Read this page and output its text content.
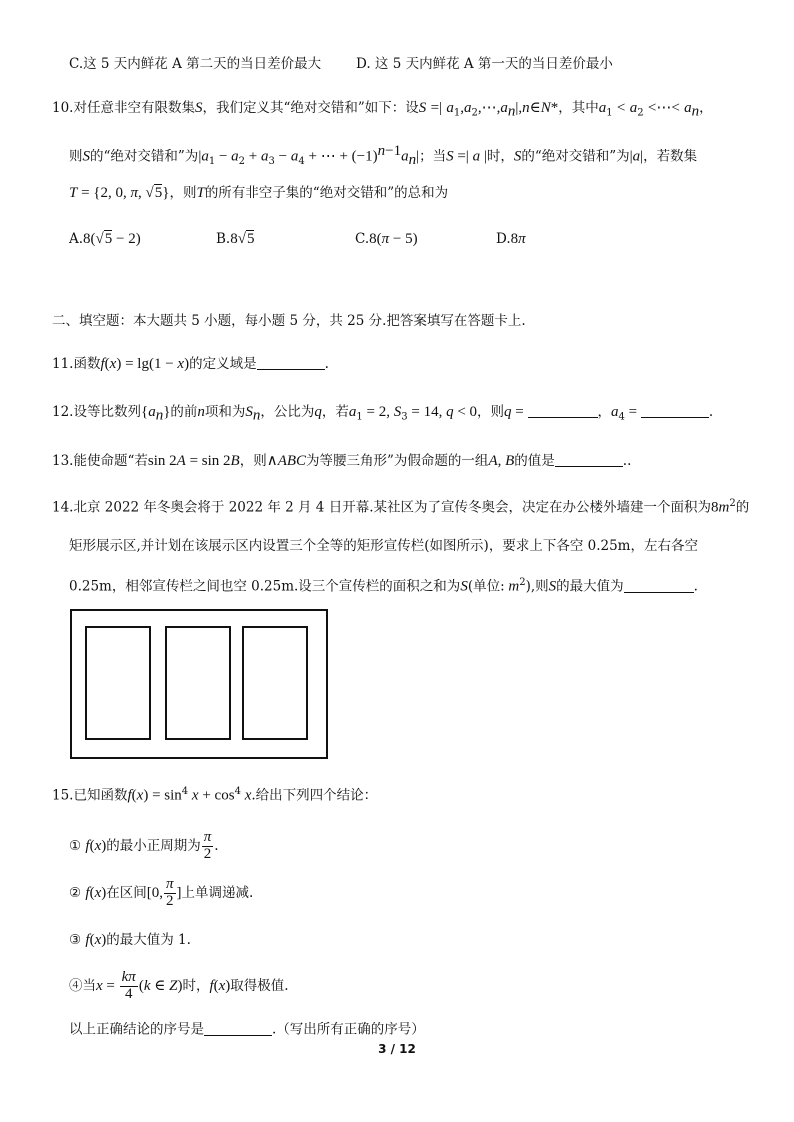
C.这 5 天内鲜花 A 第二天的当日差价最大	D. 这 5 天内鲜花 A 第一天的当日差价最小
10.对任意非空有限数集S，我们定义其“绝对交错和”如下：设S =| $a_1,a_2,\cdots,a_n|,n\in N*$，其中$a_1 < a_2$ <⋯< $a_n$，
则S的“绝对交错和”为$|a_1 - a_2 + a_3 - a_4$ + ⋯ + $(-1)^{n-1}a_n|$；当S =| a |时，S的“绝对交错和”为|a|，若数集
T = {2, 0, π, √5}，则T的所有非空子集的“绝对交错和”的总和为
A.8(√5 − 2)	B.8√5	C.8(π − 5)	D.8π
二、填空题：本大题共 5 小题，每小题 5 分，共 25 分.把答案填写在答题卡上.
11.函数f(x) = lg(1 − x)的定义域是	.
12.设等比数列$\{a_n\}$的前n项和为$S_n$，公比为q，若$a_1 = 2$, $S_3 = 14$, q < 0，则q =	，$a_4$ =	.
13.能使命题“若sin 2A = sin 2B，则∧ABC为等腰三角形”为假命题的一组A, B的值是	..
14.北京 2022 年冬奥会将于 2022 年 2 月 4 日开幕.某社区为了宣传冬奥会，决定在办公楼外墙建一个面积为$8m^2$的
矩形展示区,并计划在该展示区内设置三个全等的矩形宣传栏(如图所示)，要求上下各空 0.25m，左右各空
0.25m，相邻宣传栏之间也空 0.25m.设三个宣传栏的面积之和为S(单位: $m^2$),则S的最大值为	.
15.已知函数$f(x) = \sin^4 x + \cos^4 x$.给出下列四个结论：
① f(x)的最小正周期为 $\frac{\pi}{2}$ .
② f(x)在区间[0, $\frac{\pi}{2}$ ]上单调递减.
③ f(x)的最大值为 1.
④当$x = \frac{k\pi}{4} (k$ ∈ Z)时，f(x)取得极值.
以上正确结论的序号是	.（写出所有正确的序号）
3 / 12
